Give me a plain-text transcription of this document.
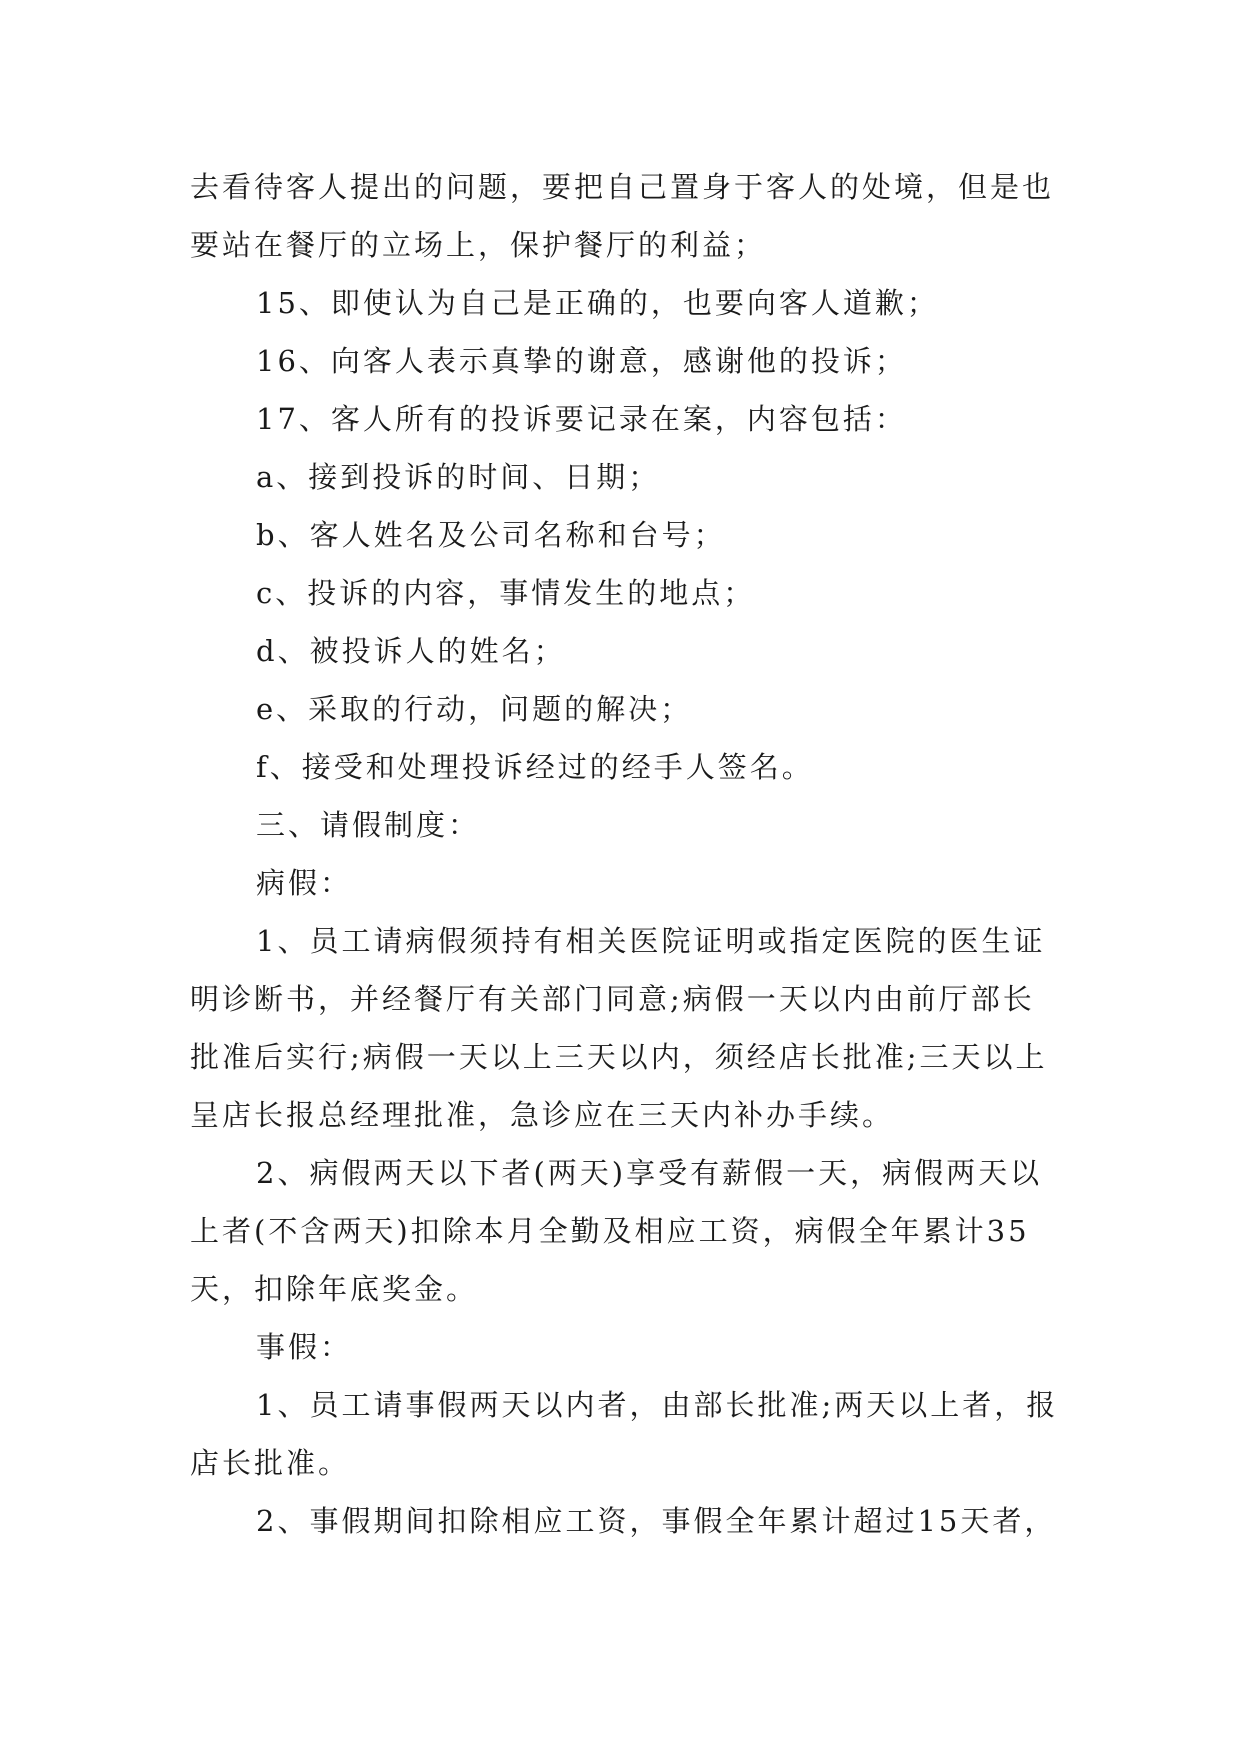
去看待客人提出的问题，要把自己置身于客人的处境，但是也要站在餐厅的立场上，保护餐厅的利益；

15、即使认为自己是正确的，也要向客人道歉；

16、向客人表示真挚的谢意，感谢他的投诉；

17、客人所有的投诉要记录在案，内容包括：

a、接到投诉的时间、日期；

b、客人姓名及公司名称和台号；

c、投诉的内容，事情发生的地点；

d、被投诉人的姓名；

e、采取的行动，问题的解决；

f、接受和处理投诉经过的经手人签名。

三、请假制度：

病假：

1、员工请病假须持有相关医院证明或指定医院的医生证明诊断书，并经餐厅有关部门同意;病假一天以内由前厅部长批准后实行;病假一天以上三天以内，须经店长批准;三天以上呈店长报总经理批准，急诊应在三天内补办手续。

2、病假两天以下者(两天)享受有薪假一天，病假两天以上者(不含两天)扣除本月全勤及相应工资，病假全年累计35天，扣除年底奖金。

事假：

1、员工请事假两天以内者，由部长批准;两天以上者，报店长批准。

2、事假期间扣除相应工资，事假全年累计超过15天者，
